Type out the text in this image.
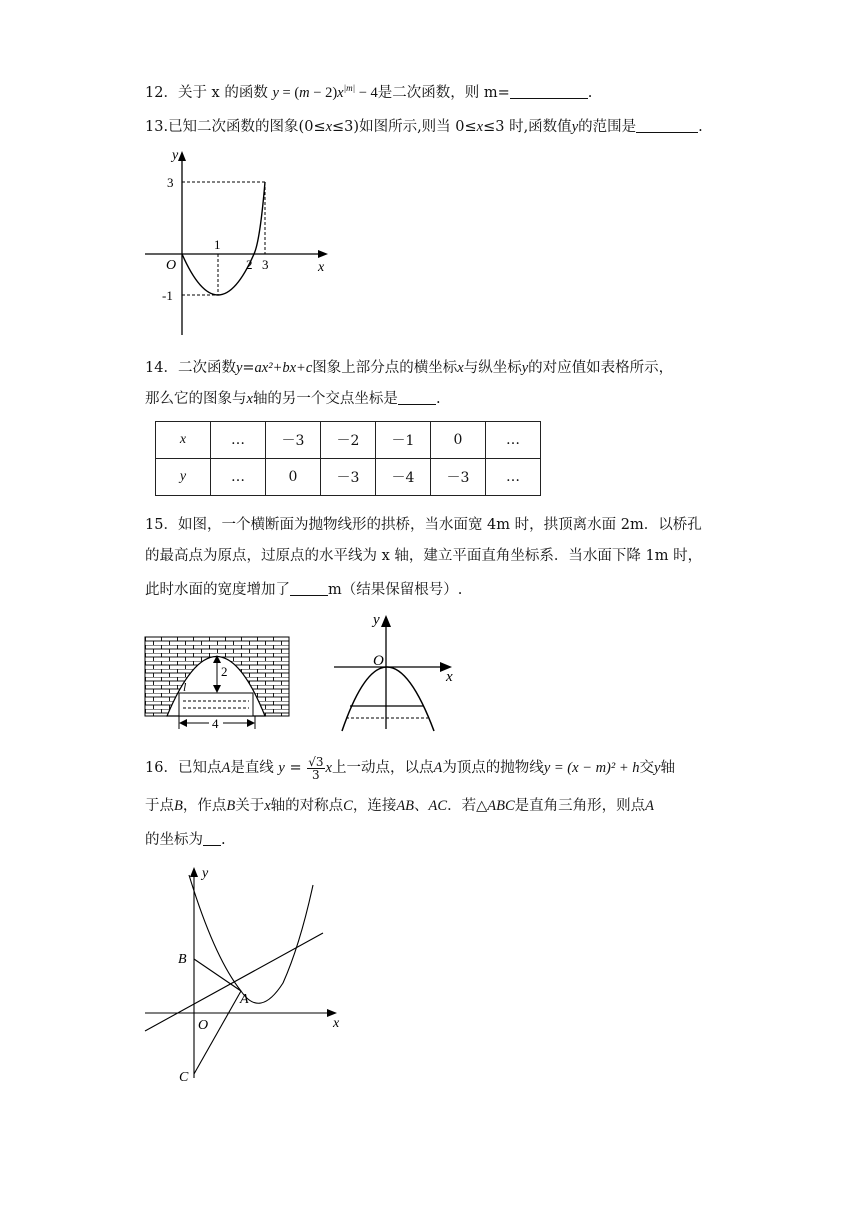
12．关于 x 的函数 $y = (m - 2)x^{|m|} - 4$是二次函数，则 m=	.
13.已知二次函数的图象(0≤x≤3)如图所示,则当 0≤x≤3 时,函数值y的范围是	.
y
x
O
3
1
2 3
-1
14．二次函数y=ax²+bx+c图象上部分点的横坐标x与纵坐标y的对应值如表格所示，
那么它的图象与x轴的另一个交点坐标是	.
x	…	－3	－2	－1	0	…
y	…	0	－3	－4	－3	…
15．如图，一个横断面为抛物线形的拱桥，当水面宽 4m 时，拱顶离水面 2m．以桥孔
的最高点为原点，过原点的水平线为 x 轴，建立平面直角坐标系．当水面下降 1m 时，
此时水面的宽度增加了	m（结果保留根号）.
2
4
l
y
x
O
16．已知点A是直线 $y = \frac{√3}{3}$ x上一动点，以点A为顶点的抛物线y = (x − m)² + h交y轴
于点B，作点B关于x轴的对称点C，连接AB、AC．若△ABC是直角三角形，则点A
的坐标为 .
y
x
O
B
A
C
